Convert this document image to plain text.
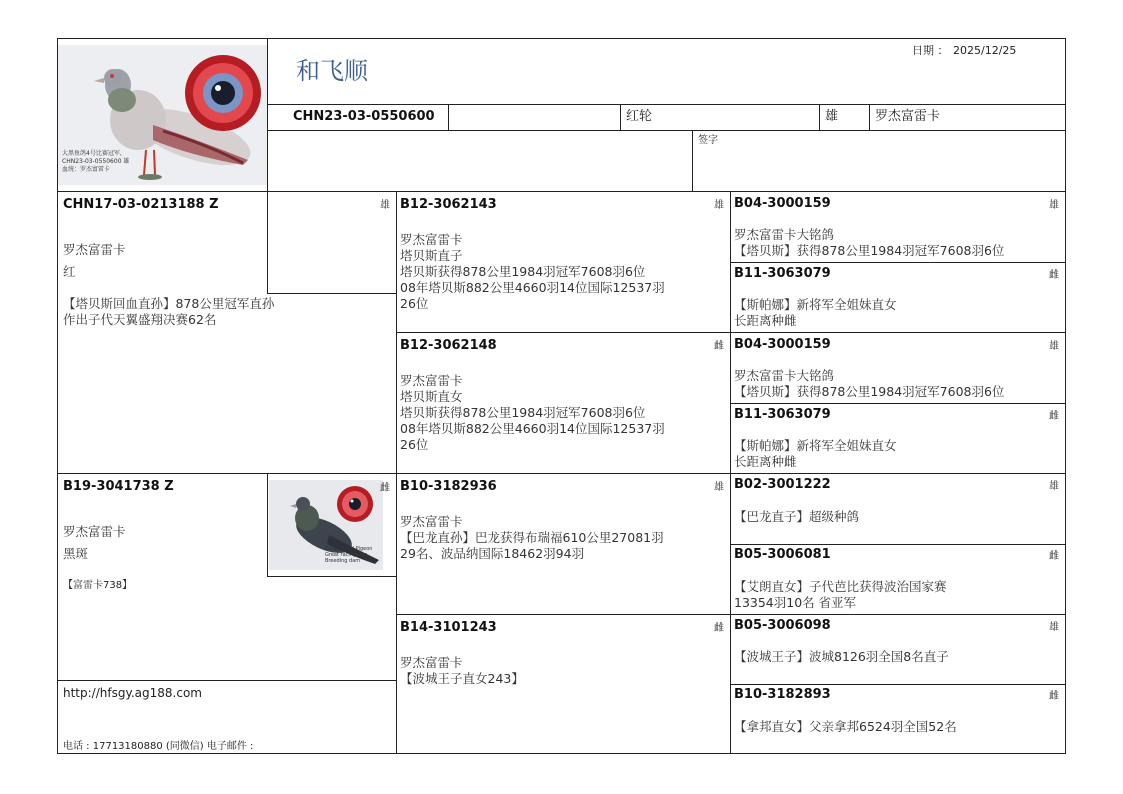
大黑鱼鸽4号比赛冠军，
CHN23-03-0550600 雄
血统：罗杰富雷卡
和飞顺
日期 ： 2025/12/25
CHN23-03-0550600	红轮	雄	罗杰富雷卡
签字
CHN17-03-0213188 Z	雄
罗杰富雷卡
红
【塔贝斯回血直孙】878公里冠军直孙
作出子代天翼盛翔决赛62名
B19-3041738 Z
罗杰富雷卡
黑斑
【富雷卡738】
Exceptional Pigeon
Great racing hen
Breeding dam
雌
http://hfsgy.ag188.com
电话 : 17713180880 (同微信) 电子邮件 :
B12-3062143	雄
罗杰富雷卡
塔贝斯直子
塔贝斯获得878公里1984羽冠军7608羽6位
08年塔贝斯882公里4660羽14位国际12537羽
26位
B12-3062148	雌
罗杰富雷卡
塔贝斯直女
塔贝斯获得878公里1984羽冠军7608羽6位
08年塔贝斯882公里4660羽14位国际12537羽
26位
B10-3182936	雄
罗杰富雷卡
【巴龙直孙】巴龙获得布瑞福610公里27081羽
29名、波品纳国际18462羽94羽
B14-3101243	雌
罗杰富雷卡
【波城王子直女243】
B04-3000159	雄
罗杰富雷卡大铭鸽
【塔贝斯】获得878公里1984羽冠军7608羽6位
B11-3063079	雌
【斯帕娜】新将军全姐妹直女
长距离种雌
B04-3000159	雄
罗杰富雷卡大铭鸽
【塔贝斯】获得878公里1984羽冠军7608羽6位
B11-3063079	雌
【斯帕娜】新将军全姐妹直女
长距离种雌
B02-3001222	雄
【巴龙直子】超级种鸽
B05-3006081	雌
【艾朗直女】子代芭比获得波治国家赛
13354羽10名 省亚军
B05-3006098	雄
【波城王子】波城8126羽全国8名直子
B10-3182893	雌
【拿邦直女】父亲拿邦6524羽全国52名
